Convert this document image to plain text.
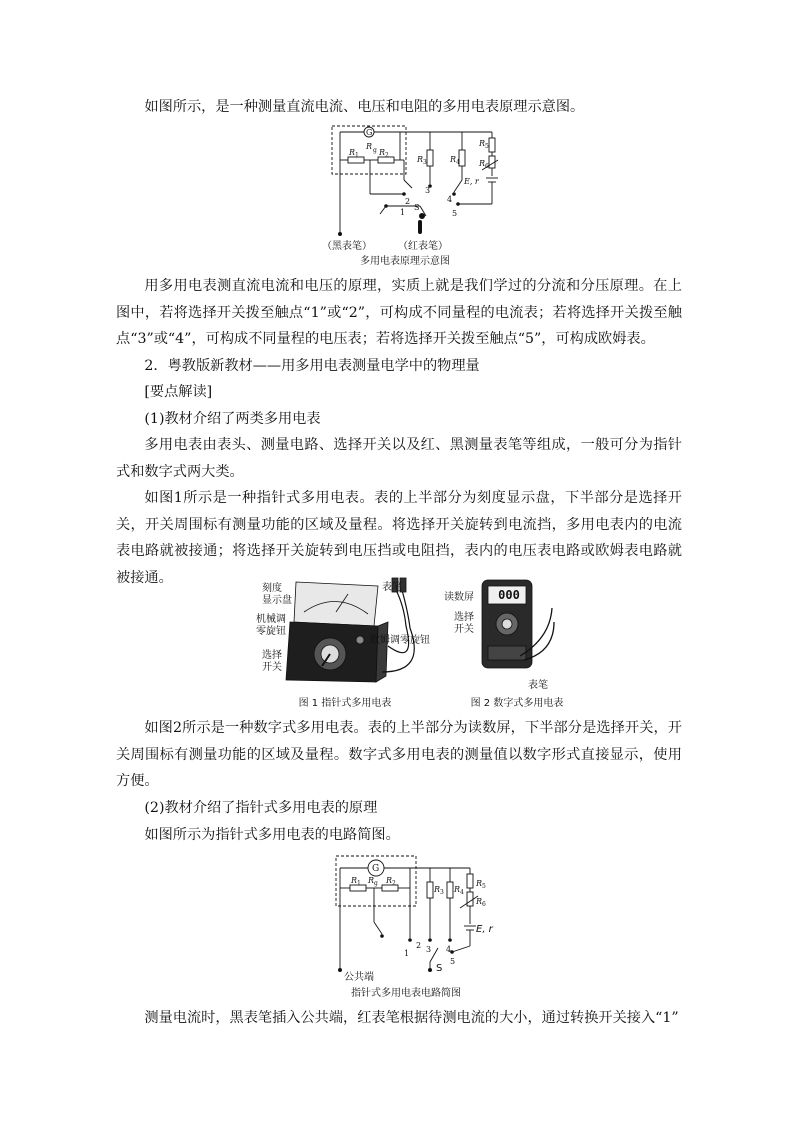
如图所示，是一种测量直流电流、电压和电阻的多用电表原理示意图。

G
R g
R 1	R 2	R 3	R 4
R 5
R 6
E, r
3
4
5
2
1
S
（黑表笔）	（红表笔）
多用电表原理示意图

用多用电表测直流电流和电压的原理，实质上就是我们学过的分流和分压原理。在上图中，若将选择开关拨至触点“1”或“2”，可构成不同量程的电流表；若将选择开关拨至触点“3”或“4”，可构成不同量程的电压表；若将选择开关拨至触点“5”，可构成欧姆表。

2．粤教版新教材——用多用电表测量电学中的物理量

[要点解读]

(1)教材介绍了两类多用电表

多用电表由表头、测量电路、选择开关以及红、黑测量表笔等组成，一般可分为指针式和数字式两大类。

如图1所示是一种指针式多用电表。表的上半部分为刻度显示盘，下半部分是选择开关，开关周围标有测量功能的区域及量程。将选择开关旋转到电流挡，多用电表内的电流表电路就被接通；将选择开关旋转到电压挡或电阻挡，表内的电压表电路或欧姆表电路就被接通。

刻度
显示盘
机械调
零旋钮
选择
开关
表笔
欧姆调零旋钮
图 1 指针式多用电表
000
读数屏
选择
开关
表笔
图 2 数字式多用电表

如图2所示是一种数字式多用电表。表的上半部分为读数屏，下半部分是选择开关，开关周围标有测量功能的区域及量程。数字式多用电表的测量值以数字形式直接显示，使用方便。

(2)教材介绍了指针式多用电表的原理

如图所示为指针式多用电表的电路简图。

G
R 1 R g R 2
R 3 R 4
R 5
R 6
1
2 3 4
5
E, r
S
公共端
指针式多用电表电路简图

测量电流时，黑表笔插入公共端，红表笔根据待测电流的大小，通过转换开关接入“1”
